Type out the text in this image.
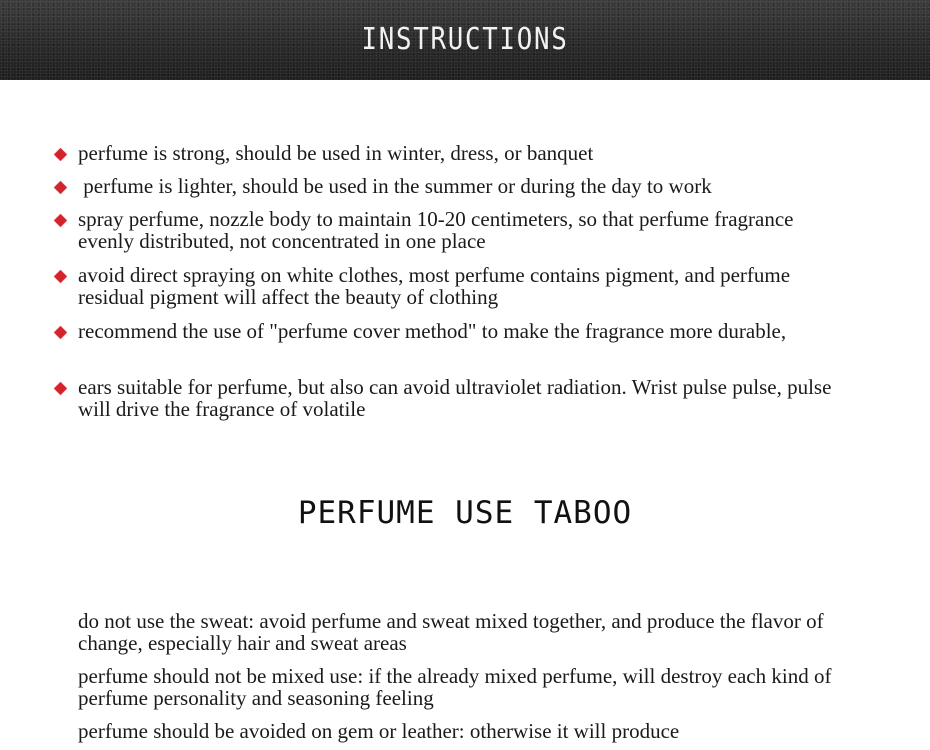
INSTRUCTIONS
perfume is strong, should be used in winter, dress, or banquet
perfume is lighter, should be used in the summer or during the day to work
spray perfume, nozzle body to maintain 10-20 centimeters, so that perfume fragrance evenly distributed, not concentrated in one place
avoid direct spraying on white clothes, most perfume contains pigment, and perfume residual pigment will affect the beauty of clothing
recommend the use of "perfume cover method" to make the fragrance more durable,
ears suitable for perfume, but also can avoid ultraviolet radiation. Wrist pulse pulse, pulse will drive the fragrance of volatile
PERFUME USE TABOO
do not use the sweat: avoid perfume and sweat mixed together, and produce the flavor of change, especially hair and sweat areas
perfume should not be mixed use: if the already mixed perfume, will destroy each kind of perfume personality and seasoning feeling
perfume should be avoided on gem or leather: otherwise it will produce
